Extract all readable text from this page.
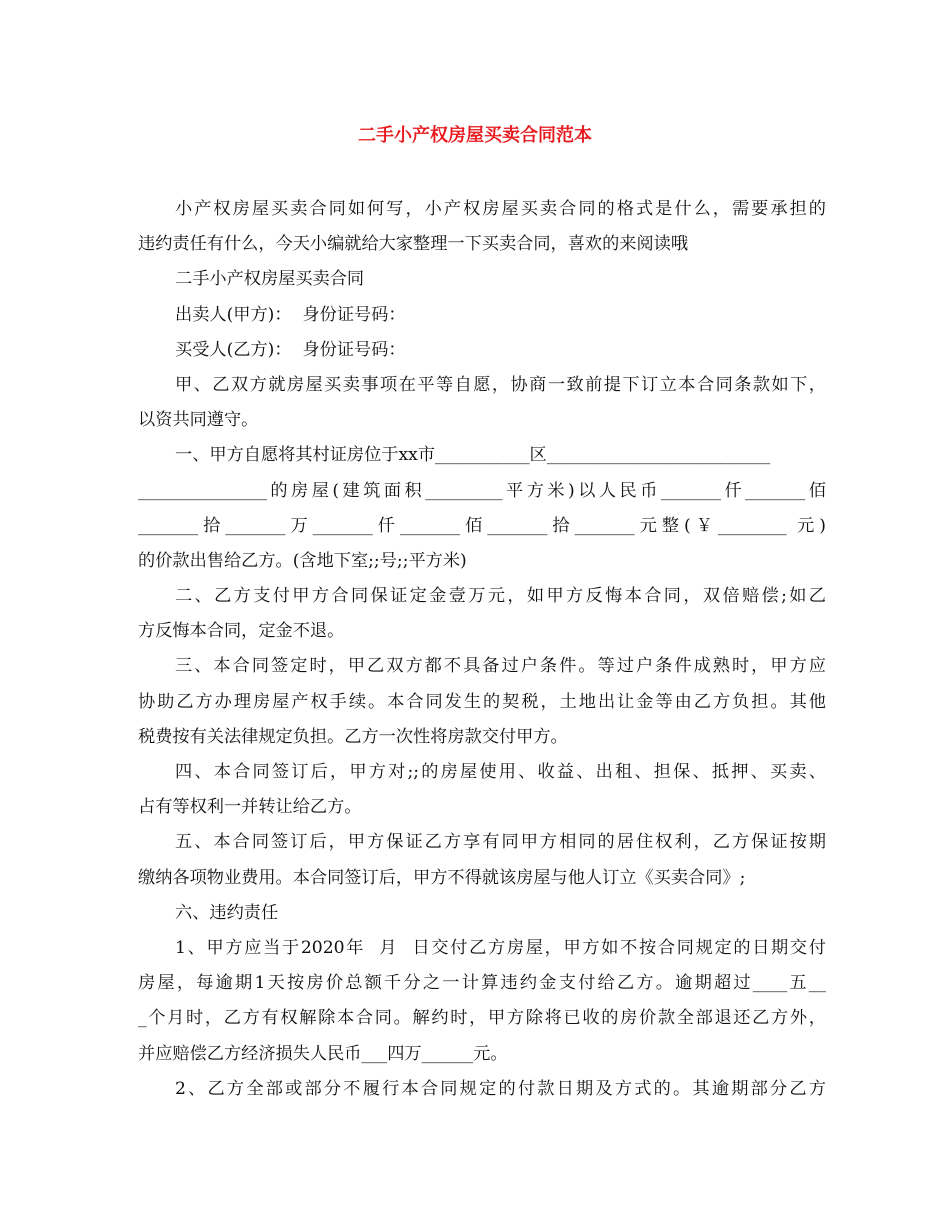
二手小产权房屋买卖合同范本
小产权房屋买卖合同如何写，小产权房屋买卖合同的格式是什么，需要承担的
违约责任有什么，今天小编就给大家整理一下买卖合同，喜欢的来阅读哦
二手小产权房屋买卖合同
出卖人(甲方)：  身份证号码：
买受人(乙方)：  身份证号码：
甲、乙双方就房屋买卖事项在平等自愿，协商一致前提下订立本合同条款如下，
以资共同遵守。
一、甲方自愿将其村证房位于xx市___________区__________________________
_______________的房屋(建筑面积_________平方米)以人民币_______仟_______佰
_______拾_______万_______仟_______佰_______拾_______元整(￥________ 元)
的价款出售给乙方。(含地下室;;号;;平方米)
二、乙方支付甲方合同保证定金壹万元，如甲方反悔本合同，双倍赔偿;如乙
方反悔本合同，定金不退。
三、本合同签定时，甲乙双方都不具备过户条件。等过户条件成熟时，甲方应
协助乙方办理房屋产权手续。本合同发生的契税，土地出让金等由乙方负担。其他
税费按有关法律规定负担。乙方一次性将房款交付甲方。
四、本合同签订后，甲方对;;的房屋使用、收益、出租、担保、抵押、买卖、
占有等权利一并转让给乙方。
五、本合同签订后，甲方保证乙方享有同甲方相同的居住权利，乙方保证按期
缴纳各项物业费用。本合同签订后，甲方不得就该房屋与他人订立《买卖合同》;
六、违约责任
1、甲方应当于2020年  月  日交付乙方房屋，甲方如不按合同规定的日期交付
房屋，每逾期1天按房价总额千分之一计算违约金支付给乙方。逾期超过____五__
_个月时，乙方有权解除本合同。解约时，甲方除将已收的房价款全部退还乙方外，
并应赔偿乙方经济损失人民币___四万______元。
2、乙方全部或部分不履行本合同规定的付款日期及方式的。其逾期部分乙方
